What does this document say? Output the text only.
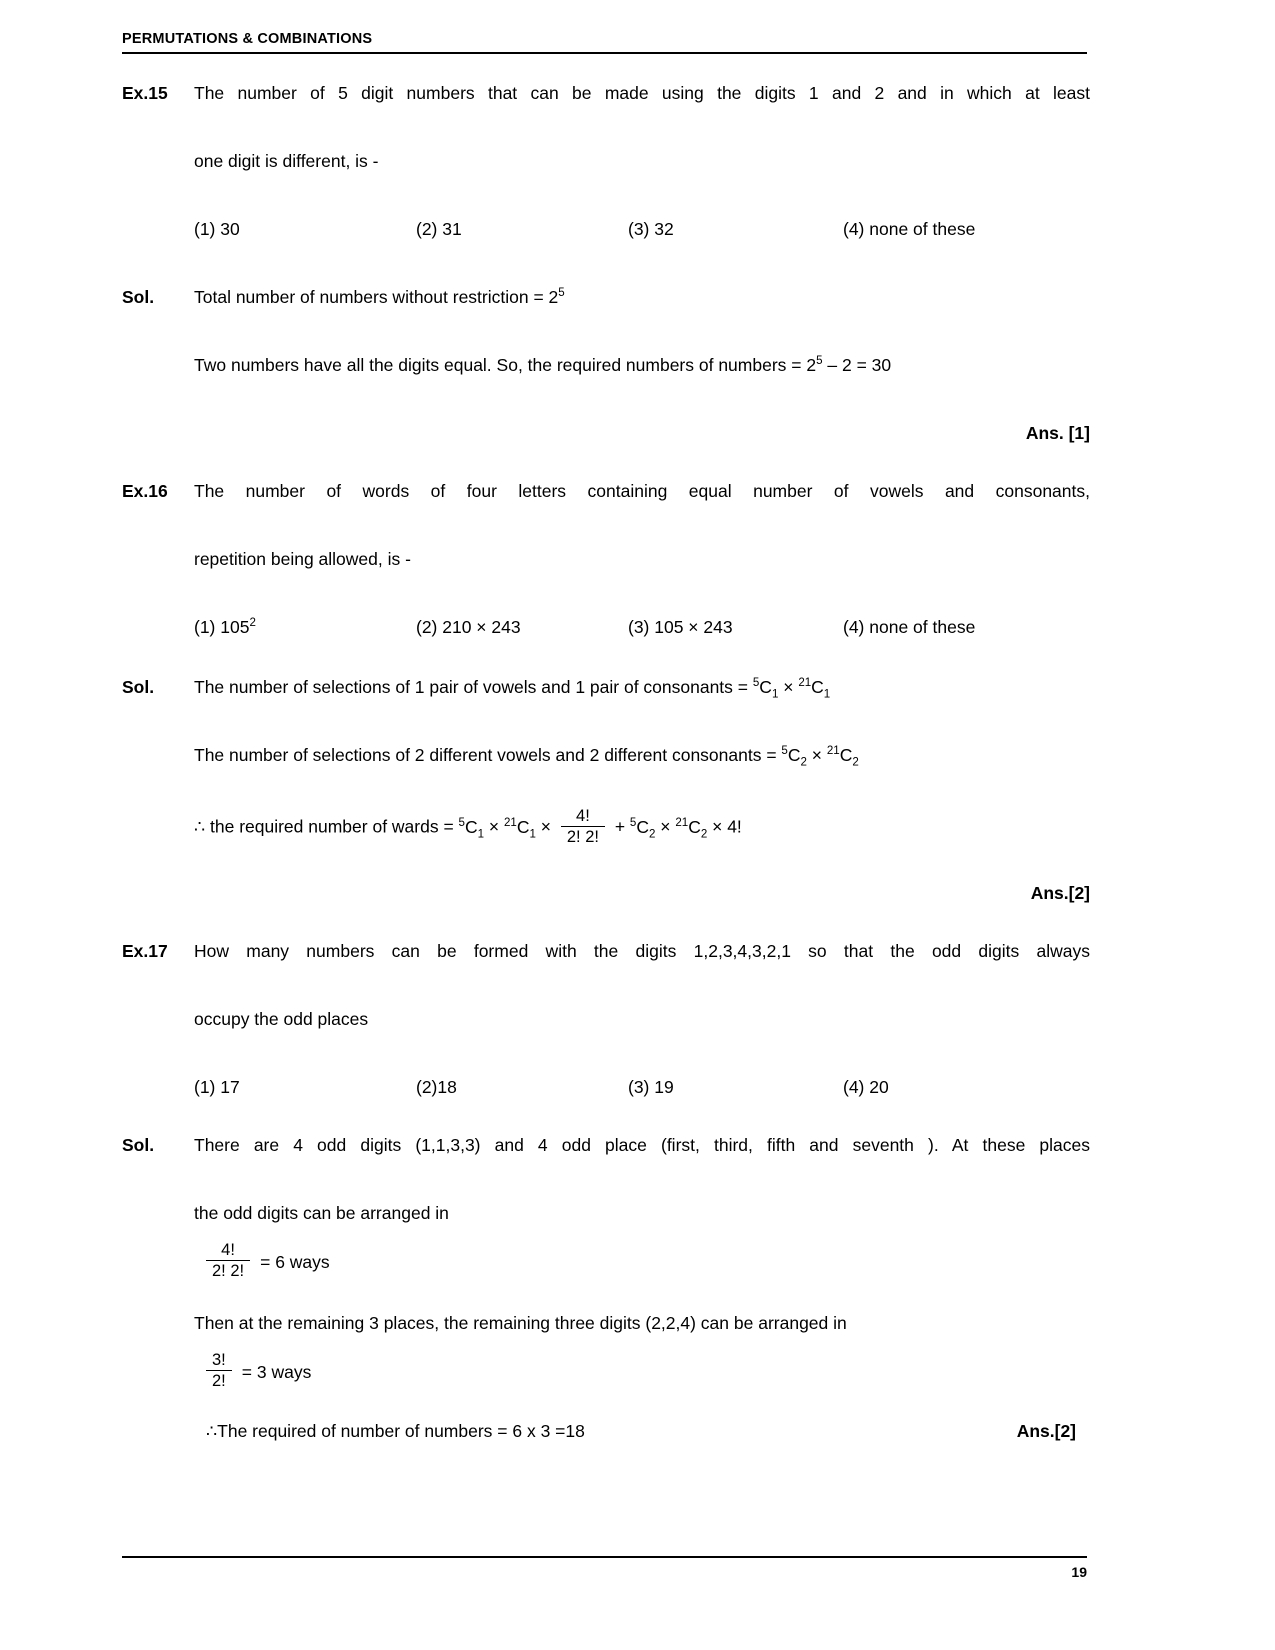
PERMUTATIONS & COMBINATIONS
Ex.15	The number of 5 digit numbers that can be made using the digits 1 and 2 and in which at least
one digit is different, is -
(1) 30	(2) 31	(3) 32	(4) none of these
Sol.	Total number of numbers without restriction = $2^5$
Two numbers have all the digits equal. So, the required numbers of numbers = $2^5 - 2 = 30$
Ans. [1]
Ex.16	The number of words of four letters containing equal number of vowels and consonants,
repetition being allowed, is -
(1) $105^2$	(2) 210 × 243	(3) 105 × 243	(4) none of these
Sol.	The number of selections of 1 pair of vowels and 1 pair of consonants = $^5C_1 \times ^{21}C_1$
The number of selections of 2 different vowels and 2 different consonants = $^5C_2 \times ^{21}C_2$
∴ the required number of wards = $^5C_1 \times ^{21}C_1 \times \frac{4!}{2! 2!} + ^5C_2 \times ^{21}C_2 \times 4$!
Ans.[2]
Ex.17	How many numbers can be formed with the digits 1,2,3,4,3,2,1 so that the odd digits always
occupy the odd places
(1) 17	(2)18	(3) 19	(4) 20
Sol.	There are 4 odd digits (1,1,3,3) and 4 odd place (first, third, fifth and seventh ). At these places
the odd digits can be arranged in
$\frac{4!}{2! 2!} = 6$ ways
Then at the remaining 3 places, the remaining three digits (2,2,4) can be arranged in
$\frac{3!}{2!} = 3$ ways
∴ The required of number of numbers = 6 x 3 =18	Ans.[2]
19
